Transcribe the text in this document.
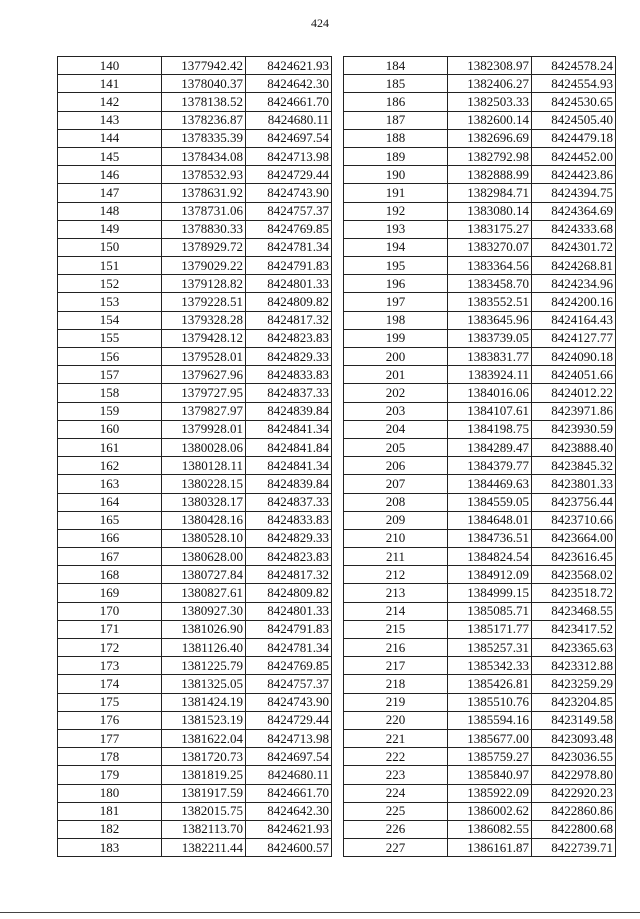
424
140	1377942.42	8424621.93
141	1378040.37	8424642.30
142	1378138.52	8424661.70
143	1378236.87	8424680.11
144	1378335.39	8424697.54
145	1378434.08	8424713.98
146	1378532.93	8424729.44
147	1378631.92	8424743.90
148	1378731.06	8424757.37
149	1378830.33	8424769.85
150	1378929.72	8424781.34
151	1379029.22	8424791.83
152	1379128.82	8424801.33
153	1379228.51	8424809.82
154	1379328.28	8424817.32
155	1379428.12	8424823.83
156	1379528.01	8424829.33
157	1379627.96	8424833.83
158	1379727.95	8424837.33
159	1379827.97	8424839.84
160	1379928.01	8424841.34
161	1380028.06	8424841.84
162	1380128.11	8424841.34
163	1380228.15	8424839.84
164	1380328.17	8424837.33
165	1380428.16	8424833.83
166	1380528.10	8424829.33
167	1380628.00	8424823.83
168	1380727.84	8424817.32
169	1380827.61	8424809.82
170	1380927.30	8424801.33
171	1381026.90	8424791.83
172	1381126.40	8424781.34
173	1381225.79	8424769.85
174	1381325.05	8424757.37
175	1381424.19	8424743.90
176	1381523.19	8424729.44
177	1381622.04	8424713.98
178	1381720.73	8424697.54
179	1381819.25	8424680.11
180	1381917.59	8424661.70
181	1382015.75	8424642.30
182	1382113.70	8424621.93
183	1382211.44	8424600.57
184	1382308.97	8424578.24
185	1382406.27	8424554.93
186	1382503.33	8424530.65
187	1382600.14	8424505.40
188	1382696.69	8424479.18
189	1382792.98	8424452.00
190	1382888.99	8424423.86
191	1382984.71	8424394.75
192	1383080.14	8424364.69
193	1383175.27	8424333.68
194	1383270.07	8424301.72
195	1383364.56	8424268.81
196	1383458.70	8424234.96
197	1383552.51	8424200.16
198	1383645.96	8424164.43
199	1383739.05	8424127.77
200	1383831.77	8424090.18
201	1383924.11	8424051.66
202	1384016.06	8424012.22
203	1384107.61	8423971.86
204	1384198.75	8423930.59
205	1384289.47	8423888.40
206	1384379.77	8423845.32
207	1384469.63	8423801.33
208	1384559.05	8423756.44
209	1384648.01	8423710.66
210	1384736.51	8423664.00
211	1384824.54	8423616.45
212	1384912.09	8423568.02
213	1384999.15	8423518.72
214	1385085.71	8423468.55
215	1385171.77	8423417.52
216	1385257.31	8423365.63
217	1385342.33	8423312.88
218	1385426.81	8423259.29
219	1385510.76	8423204.85
220	1385594.16	8423149.58
221	1385677.00	8423093.48
222	1385759.27	8423036.55
223	1385840.97	8422978.80
224	1385922.09	8422920.23
225	1386002.62	8422860.86
226	1386082.55	8422800.68
227	1386161.87	8422739.71
